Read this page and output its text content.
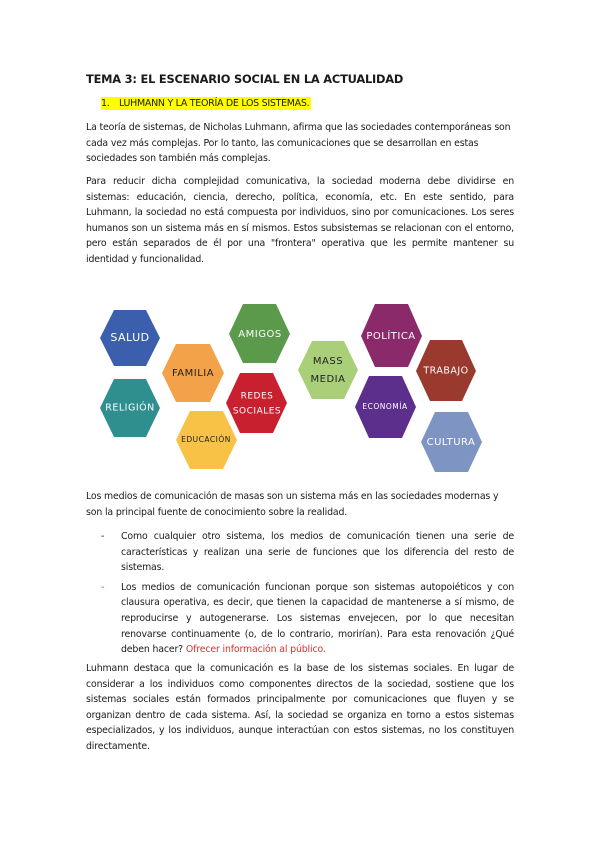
TEMA 3: EL ESCENARIO SOCIAL EN LA ACTUALIDAD
1. LUHMANN Y LA TEORÍA DE LOS SISTEMAS.
La teoría de sistemas, de Nicholas Luhmann, afirma que las sociedades contemporáneas son cada vez más complejas. Por lo tanto, las comunicaciones que se desarrollan en estas sociedades son también más complejas.
Para reducir dicha complejidad comunicativa, la sociedad moderna debe dividirse en sistemas: educación, ciencia, derecho, política, economía, etc. En este sentido, para Luhmann, la sociedad no está compuesta por individuos, sino por comunicaciones. Los seres humanos son un sistema más en sí mismos. Estos subsistemas se relacionan con el entorno, pero están separados de él por una "frontera" operativa que les permite mantener su identidad y funcionalidad.
SALUD
RELIGIÓN
FAMILIA
EDUCACIÓN
AMIGOS
REDES
SOCIALES
MASS
MEDIA
POLÍTICA
TRABAJO
ECONOMÍA
CULTURA
Los medios de comunicación de masas son un sistema más en las sociedades modernas y son la principal fuente de conocimiento sobre la realidad.
- Como cualquier otro sistema, los medios de comunicación tienen una serie de características y realizan una serie de funciones que los diferencia del resto de sistemas.
- Los medios de comunicación funcionan porque son sistemas autopoiéticos y con clausura operativa, es decir, que tienen la capacidad de mantenerse a sí mismo, de reproducirse y autogenerarse. Los sistemas envejecen, por lo que necesitan renovarse continuamente (o, de lo contrario, morirían). Para esta renovación ¿Qué deben hacer? Ofrecer información al público.
Luhmann destaca que la comunicación es la base de los sistemas sociales. En lugar de considerar a los individuos como componentes directos de la sociedad, sostiene que los sistemas sociales están formados principalmente por comunicaciones que fluyen y se organizan dentro de cada sistema. Así, la sociedad se organiza en torno a estos sistemas especializados, y los individuos, aunque interactúan con estos sistemas, no los constituyen directamente.
